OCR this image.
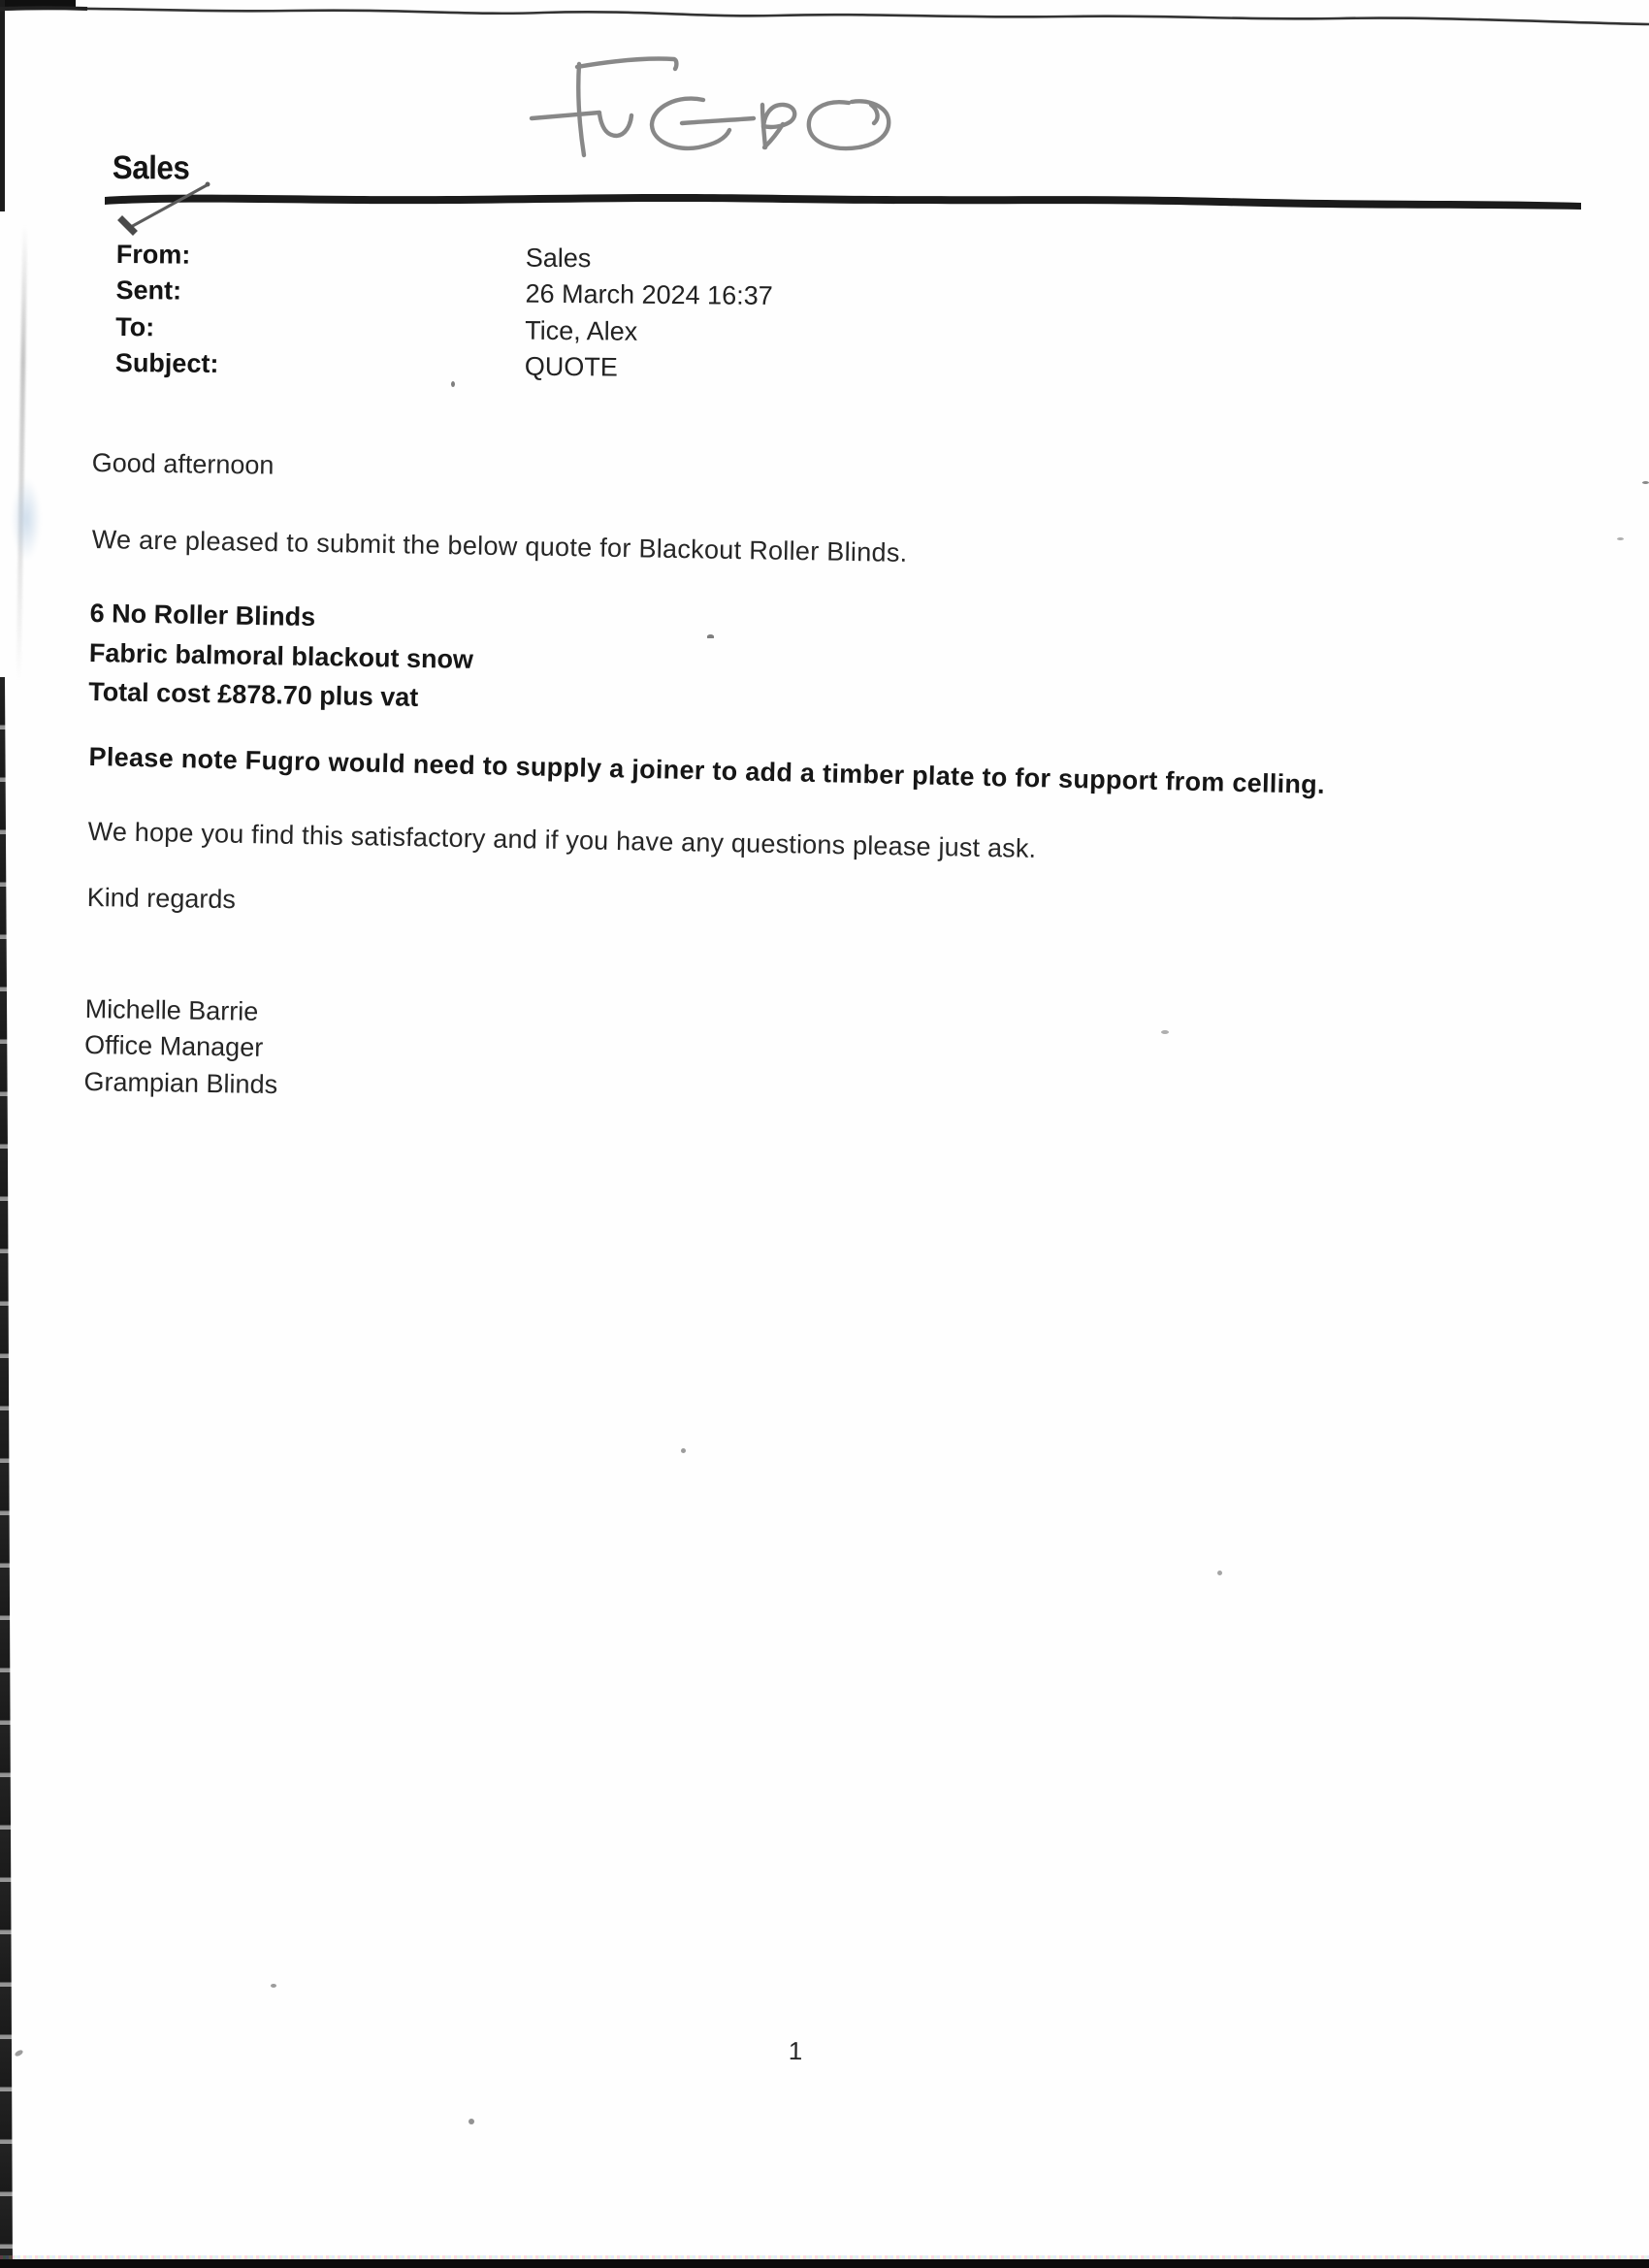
Sales
From:	Sales
Sent:	26 March 2024 16:37
To:	Tice, Alex
Subject:	QUOTE
Good afternoon
We are pleased to submit the below quote for Blackout Roller Blinds.
6 No Roller Blinds
Fabric balmoral blackout snow
Total cost £878.70 plus vat
Please note Fugro would need to supply a joiner to add a timber plate to for support from celling.
We hope you find this satisfactory and if you have any questions please just ask.
Kind regards
Michelle Barrie
Office Manager
Grampian Blinds
1
